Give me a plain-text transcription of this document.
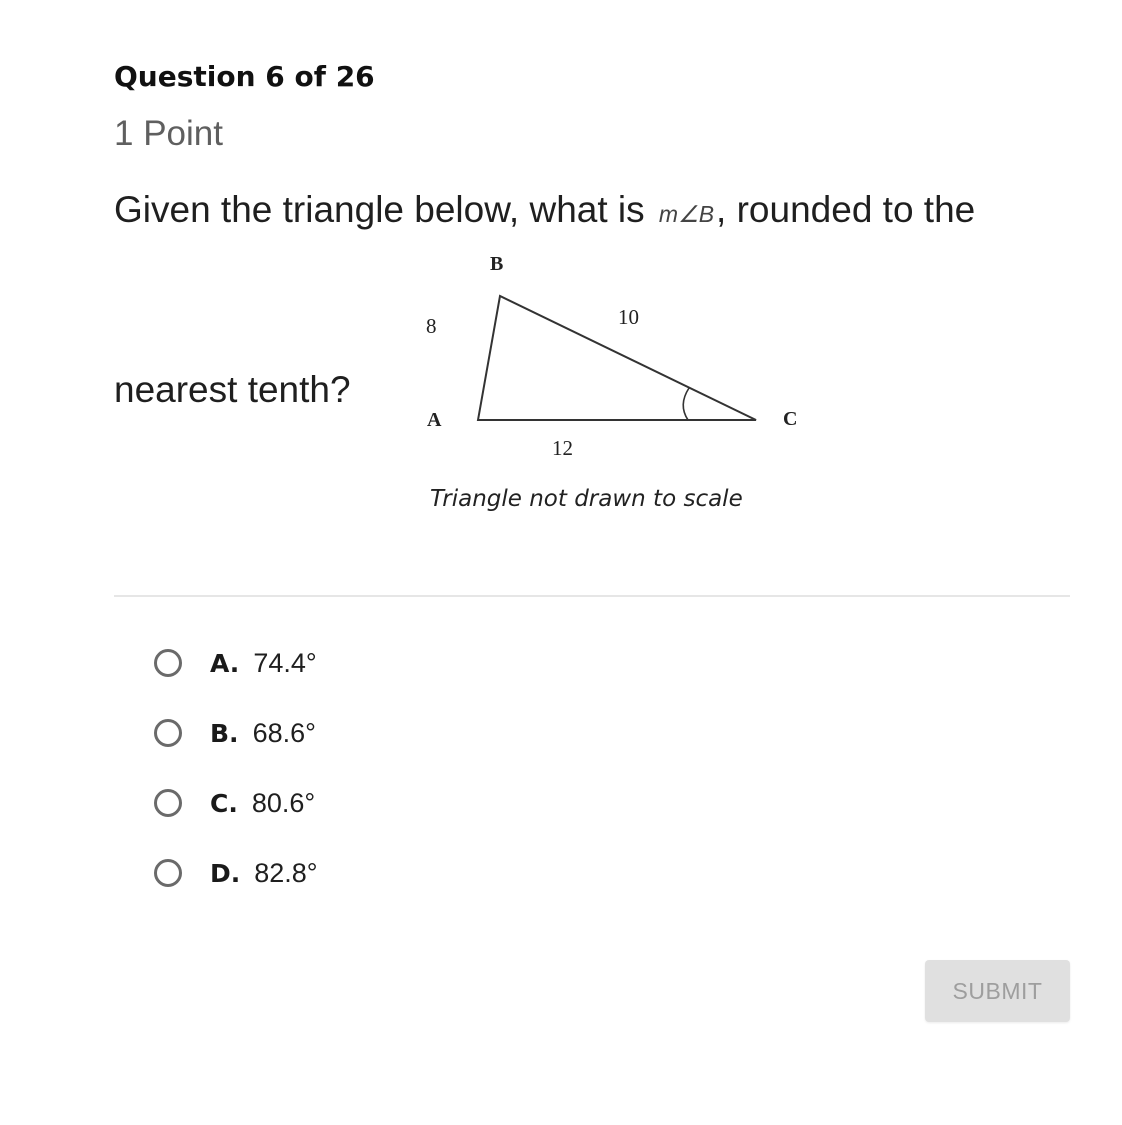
Question 6 of 26
1 Point
Given the triangle below, what is m∠B, rounded to the
nearest tenth?
B
A	C
8	10
12
Triangle not drawn to scale
A. 74.4°
B. 68.6°
C. 80.6°
D. 82.8°
SUBMIT
